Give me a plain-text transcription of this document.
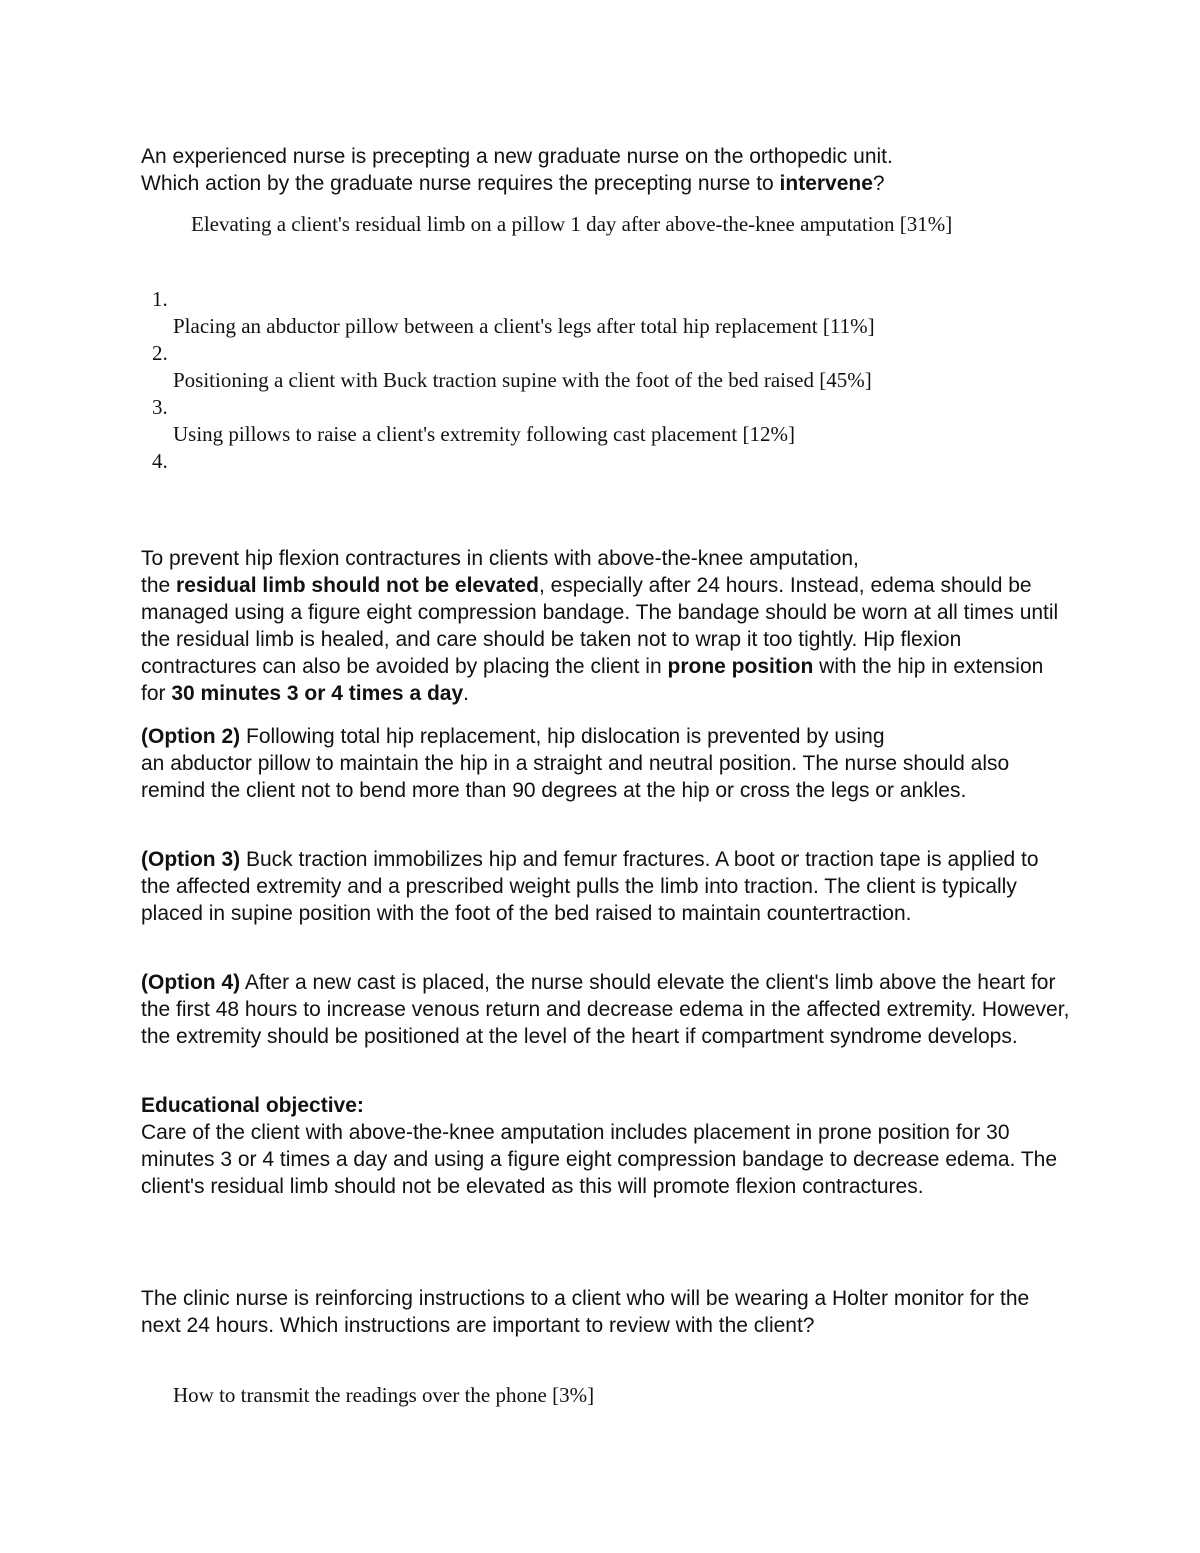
An experienced nurse is precepting a new graduate nurse on the orthopedic unit.
Which action by the graduate nurse requires the precepting nurse to intervene?

Elevating a client's residual limb on a pillow 1 day after above-the-knee amputation [31%]
1.
Placing an abductor pillow between a client's legs after total hip replacement [11%]
2.
Positioning a client with Buck traction supine with the foot of the bed raised [45%]
3.
Using pillows to raise a client's extremity following cast placement [12%]
4.

To prevent hip flexion contractures in clients with above-the-knee amputation,
the residual limb should not be elevated, especially after 24 hours. Instead, edema should be managed using a figure eight compression bandage. The bandage should be worn at all times until the residual limb is healed, and care should be taken not to wrap it too tightly. Hip flexion contractures can also be avoided by placing the client in prone position with the hip in extension for 30 minutes 3 or 4 times a day.

(Option 2) Following total hip replacement, hip dislocation is prevented by using
an abductor pillow to maintain the hip in a straight and neutral position. The nurse should also remind the client not to bend more than 90 degrees at the hip or cross the legs or ankles.

(Option 3) Buck traction immobilizes hip and femur fractures. A boot or traction tape is applied to the affected extremity and a prescribed weight pulls the limb into traction. The client is typically placed in supine position with the foot of the bed raised to maintain countertraction.

(Option 4) After a new cast is placed, the nurse should elevate the client's limb above the heart for the first 48 hours to increase venous return and decrease edema in the affected extremity. However, the extremity should be positioned at the level of the heart if compartment syndrome develops.

Educational objective:
Care of the client with above-the-knee amputation includes placement in prone position for 30 minutes 3 or 4 times a day and using a figure eight compression bandage to decrease edema. The client's residual limb should not be elevated as this will promote flexion contractures.

The clinic nurse is reinforcing instructions to a client who will be wearing a Holter monitor for the next 24 hours. Which instructions are important to review with the client?

How to transmit the readings over the phone [3%]
